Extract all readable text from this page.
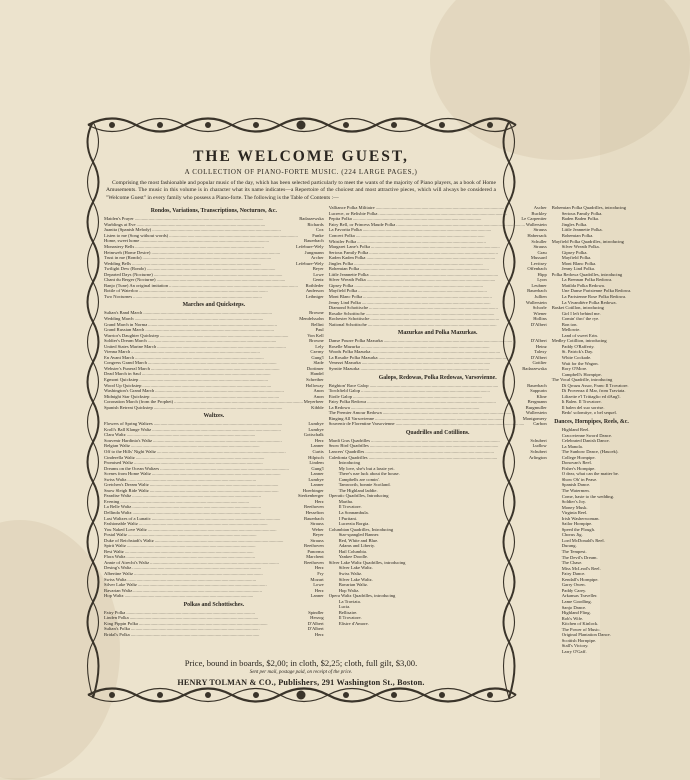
THE WELCOME GUEST,
A COLLECTION OF PIANO-FORTE MUSIC. (224 LARGE PAGES,)
Comprising the most fashionable and popular music of the day, which has been selected particularly to meet the wants of the majority of Piano players, as a book of Home Amusements. The music in this volume is in character what its name indicates—a Repertoire of the choicest and most attractive pieces, which will always be considered a "Welcome Guest" in every family who possess a Piano-forte. The following is the Table of Contents :—
Rondos, Variations, Transcriptions, Nocturnes, &c.
Maiden's Prayer .....	Badarzewska
Warblings at Eve .....	Richards
Juanita (Spanish Melody) .....	Cox
Listen to me (Song without words) .....	Funke
Home, sweet home .....	Bauerbach
Monastery Bells .....	Lefebure-Wely
Heimweh (Home Desire) .....	Jungmann
Trust in me (Rondo) .....	Archer
Wedding Bells .....	Lefebure-Wely
Twilight Dew (Rondo) .....	Beyer
Departed Days (Nocturne) .....	Lowe
Chant du Berger (Nocturne) .....	Gentz
Banjo (Tune) An original imitation .....	Rothleder
Bottle of Waterloo .....	Anderson
Two Nocturnes .....	Leibniger
Marches and Quicksteps.
Sultan's Band March .....	Browne
Wedding March .....	Mendelssohn
Grand March in Norma .....	Bellini
Grand Russian March .....	Paul
Warrior's Daughter Quickstep .....	Von Kell
Soldier's Dream March .....	Browne
United States Marine March .....	Lely
Vienna March .....	Czerny
En Avant March .....	Gung'l
Congress Grand March .....	Slade
Webster's Funeral March .....	Dortimer
Dead March in Saul .....	Handel
Egmont Quickstep .....	Schreiber
Wood Up Quickstep .....	Holloway
Washington's Grand March .....	Anon
Midnight Star Quickstep .....	Anon
Coronation March (from the Prophet) .....	Meyerbeer
Spanish Retreat Quickstep .....	Kibble
Waltzes.
Flowers of Spring Waltzes .....	Lumbye
Kroll's Ball Klange Waltz .....	Lumbye
Clara Waltz .....	Gottschalk
Souvenir Hardinia's Waltz .....	Herz
Belgian Waltz .....	Lanner
Off to the Hills' Night Waltz .....	Curtis
Cinderella Waltz .....	Hilpisch
Promised Waltz .....	Lindem
Dreams on the Ocean Waltzes .....	Gung'l
Scenes from Home Waltz .....	Lanner
Swiss Waltz .....	Lumbye
Gretchen's Dream Waltz .....	Lanner
Snow Sleigh Ride Waltz .....	Hoerbinger
Paradise Waltz .....	Sterkenberger
Evening .....	Herz
La Belle Waltz .....	Beethoven
Dellinda Waltz .....	Hesselton
Last Waltzes of a Lunatic .....	Bauerbach
Fashionable Waltz .....	Strauss
You Naked Love Waltz .....	Weber
Postal Waltz .....	Beyer
Duke of Reichstadt's Waltz .....	Strauss
Spirit Waltz .....	Beethoven
Best Waltz .....	Panorma
Flora Waltz .....	Marchent
Annie of Airecht's Waltz .....	Beethoven
Desing's Waltz .....	Herz
Albertine Waltz .....	Fry
Swiss Waltz .....	Mozart
Silver Lake Waltz .....	Lowe
Bavarian Waltz .....	Herz
Hop Waltz .....	Lanner
Polkas and Schottisches.
Fairy Polka .....	Spindler
Linden Polka .....	Herzog
King Pippin Polka .....	D'Albert
Sultan's Polka .....	D'Albert
Bridal's Polka .....	Herz
Valliance Polka Militaire .....	Ascher
Lucrece, or Belisbie Polka .....	Buckley
Pepita Polka .....	Le Carpentier
Fairy Bell, or Princess Maude Polka .....	Wallerstein
La Favorita Polka .....	Strauss
Concert Polka .....	Habersack
Whistler Polka .....	Schuller
Margaret Lane's Polka .....	Strauss
Serious Family Polka .....	Grau
Kaden Kaden Polka .....	Mussard
Jingles Polka .....	Levitsey
Bohemian Polka .....	Offenbach
Little Jeannette Polka .....	Hipp
Silver Wreath Polka .....	Lyon
Gipsey Polka .....	Leubner
Mayfield Polka .....	Bauerbach
Mont Blanc Polka .....	Jullien
Jenny Lind Polka .....	Wallerstein
Diamond Schottische .....	Schorle
Rosalie Schottische .....	Wiener
Rochester Schottische .....	Hollins
National Schottische .....	D'Albert
Mazurkas and Polka Mazurkas.
Danse Pourre Polka Mazurka .....	D'Albert
Roselle Mazurka .....	Heinz
Woods Polka Mazurka .....	Talexy
La Rosalie Polka Mazurka .....	D'Albert
Venezzi Mazurka .....	Gottlier
Syrnite Mazurka .....	Badarzewska
Galops, Redowas, Polka Redowas, Varsovienne.
Brighton' Race Galop .....	Bauerbach
Torchfield Galop .....	Sappurin
Etoile Galop .....	Kline
Fairy Polka Redowa .....	Bergmann
La Redowa .....	Burgmuller
The Premier Amour Redowa .....	Wallerstein
Ringing All Varsovienne .....	Montgomery
Souvenir de Florentine Varsovienne .....	Carbon
Quadrilles and Cotillions.
Mardi Gras Quadrilles .....	Schubert
Snow Bird Quadrilles .....	Ludlow
Lancers' Quadrilles .....	Schubert
Caledonia Quadrilles .....	Arlington
Introducing
My love, she's but a lassie yet.
There's nae luck about the house.
Campbells are comin'.
Tamworth, bonnie Scotland.
The Highland laddie.
Operatic Quadrilles, Introducing
Martha.
Il Trovatore.
La Sonnambula.
I Puritani.
Lucrezia Borgia.
Columbian Quadrilles, Introducing
Star-spangled Banner.
Red, White and Blue.
Adams and Liberty.
Hail Columbia.
Yankee Doodle.
Silver Lake Waltz Quadrilles, introducing
Silver Lake Waltz.
Swiss Waltz.
Silver Lake Waltz.
Bavarian Waltz.
Hop Waltz.
Opera Waltz Quadrilles, introducing
La Traviata.
Lucia.
Bellisaire.
Il Trovatore.
Elisire d'Amore.
Bohemian Polka Quadrilles, introducing
Serious Family Polka.
Baden Baden Polka.
Jingles Polka.
Little Jeannette Polka.
Bohemian Polka.
Mayfield Polka Quadrilles, introducing
Silver Wreath Polka.
Gipsey Polka.
Mayfield Polka.
Mont Blanc Polka.
Jenny Lind Polka.
Polka Redowa Quadrilles, introducing
La Brennan Polka Redowa.
Matilda Polka Redowa.
Une Danse Parisienne Polka Redowa.
La Parisienne Rose Polka Redowa.
La Vivandière Polka Redowa.
Basket Cotillon, introducing
Girl I left behind me.
Comin' thro' the rye.
Bon ton.
Mellowie.
Land of sweet Erin.
Medley Cotillion, introducing
Paddy O'Rafferty.
St. Patrick's Day.
White Cockade.
Wait for the Wagon.
Rory O'More.
Campbell's Hornpipe.
The Vocal Quadrille, introducing
Di Qrrazu Assor, Franc Il Trovatore.
Di Provenza il Mar, from Traviata.
Lilizette e'l Trittaglio ed dAng'l.
It Balen. Il Trovatore.
Il balen del suo sorrise.
Bedo' solomitye, o bel sequel.
Dances, Hornpipes, Reels, &c.
Highland Reel.
Cracovienne Sword Dance.
Celebrated Danish Dance.
La Manola.
The Sunbow Dance, (Haucek).
College Hornpipe.
Donovan's Reel.
Fisher's Hornpipe.
O dear, what can the matter be.
Show Oh' in Pease.
Spanish Dance.
The Watermen.
Come, haste to the wedding.
Soldier's Joy.
Money Musk.
Virginia Reel.
Irish Washerwoman.
Sailor Hornpipe.
Speed the Plough.
Chorus Jig.
Lord McDonald's Reel.
Durang.
The Tempest.
The Devil's Dream.
The Chase.
Miss McLeod's Reel.
Fairy Dance.
Kendall's Hornpipe.
Garry Owen.
Paddy Carey.
Arkansas Traveller.
Lame Goodling.
Sanjo Dance.
Highland Fling.
Rob's Wife.
Kitchen of Kinlock.
The Power of Music.
Original Plantation Dance.
Scottish Hornpipe.
Stall's Victory.
Larry O'Gaff.
Price, bound in boards, $2,00; in cloth, $2,25; cloth, full gilt, $3,00.
Sent per mail, postage paid, on receipt of the price.
HENRY TOLMAN & CO., Publishers, 291 Washington St., Boston.
